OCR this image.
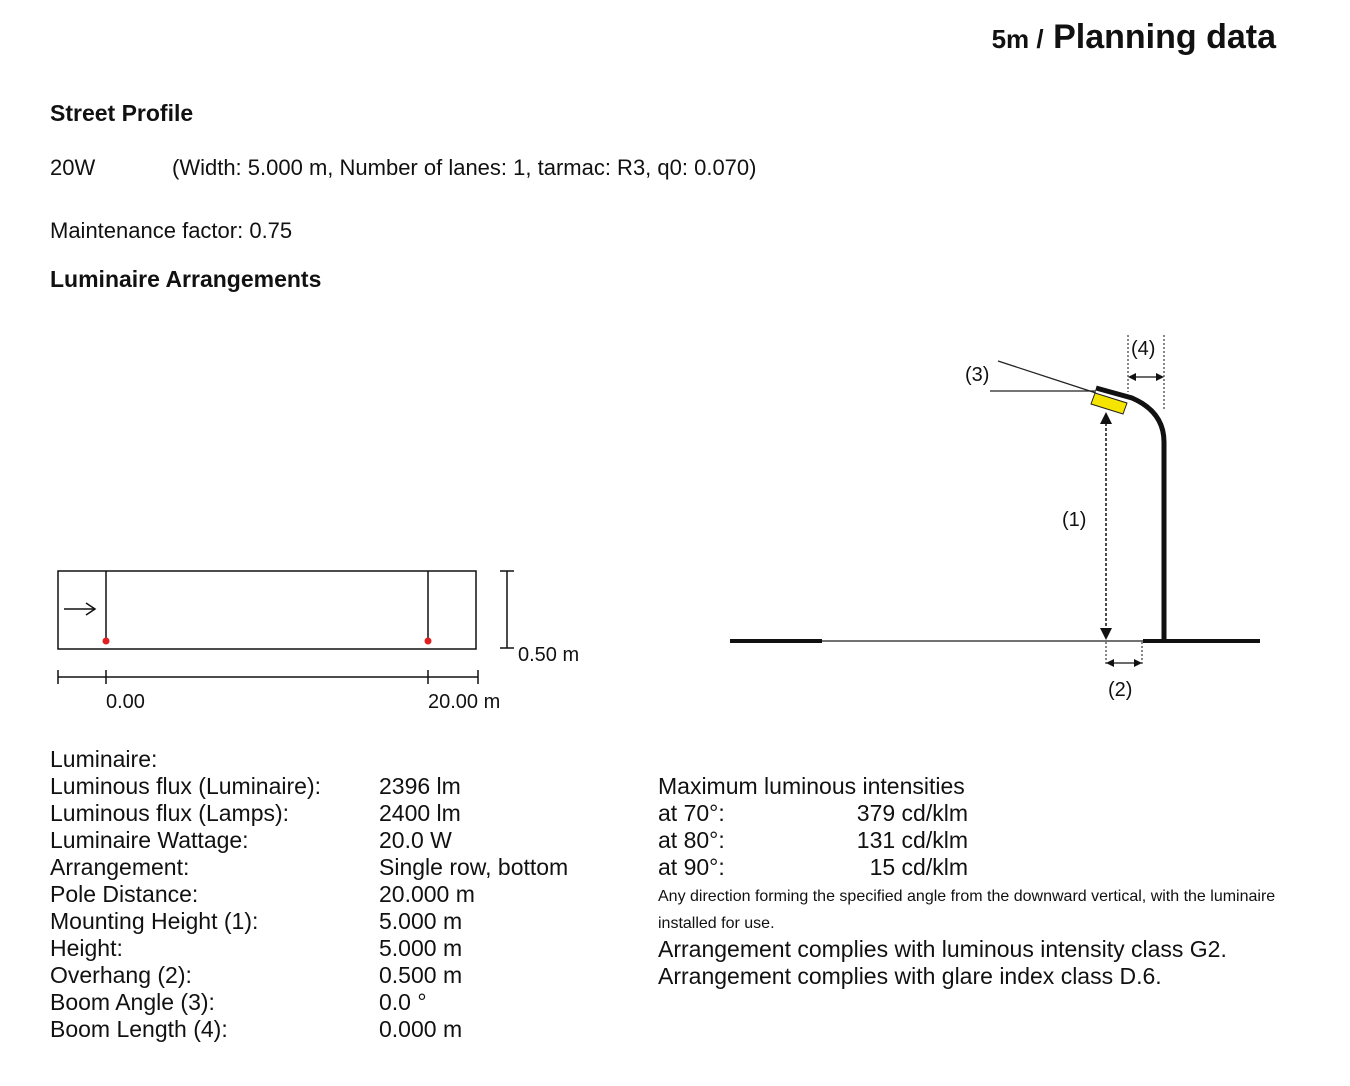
5m / Planning data
Street Profile
20W	(Width: 5.000 m, Number of lanes: 1, tarmac: R3, q0: 0.070)
Maintenance factor: 0.75
Luminaire Arrangements
0.50 m
0.00	20.00 m
(3)
(4)
(1)
(2)
Luminaire:
Luminous flux (Luminaire):	2396 lm
Luminous flux (Lamps):	2400 lm
Luminaire Wattage:	20.0 W
Arrangement:	Single row, bottom
Pole Distance:	20.000 m
Mounting Height (1):	5.000 m
Height:	5.000 m
Overhang (2):	0.500 m
Boom Angle (3):	0.0 °
Boom Length (4):	0.000 m
Maximum luminous intensities
at 70°:	379 cd/klm
at 80°:	131 cd/klm
at 90°:	15 cd/klm
Any direction forming the specified angle from the downward vertical, with the luminaire installed for use.
Arrangement complies with luminous intensity class G2.
Arrangement complies with glare index class D.6.
